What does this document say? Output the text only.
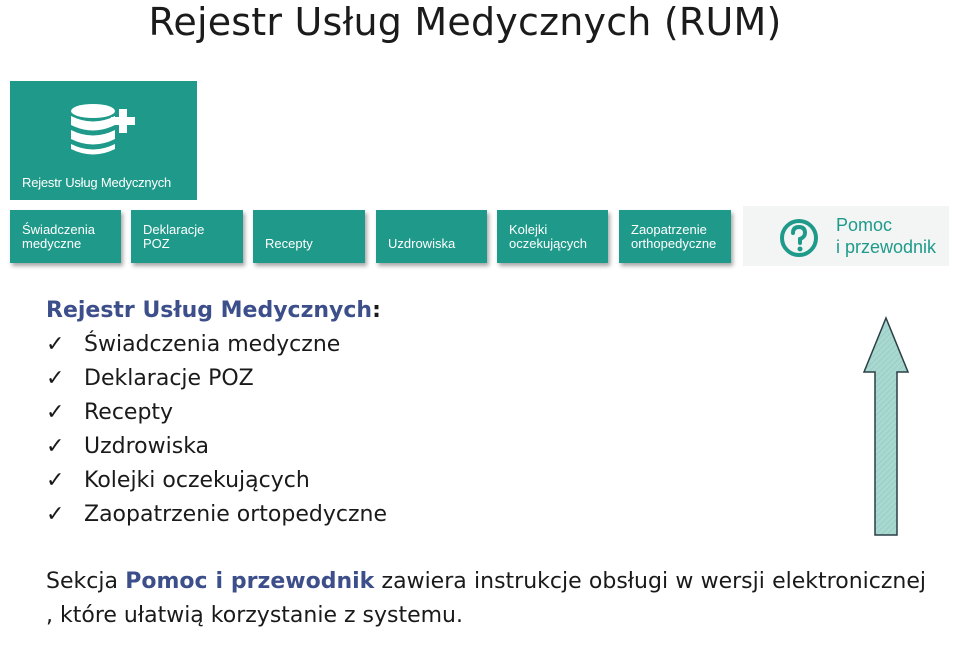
Rejestr Usług Medycznych (RUM)
Rejestr Usług Medycznych
Świadczenia
medyczne
Deklaracje
POZ	Recepty	Uzdrowiska
Kolejki
oczekujących
Zaopatrzenie
orthopedyczne
Pomoc
i przewodnik
Rejestr Usług Medycznych:
✓ Świadczenia medyczne
✓ Deklaracje POZ
✓ Recepty
✓ Uzdrowiska
✓ Kolejki oczekujących
✓ Zaopatrzenie ortopedyczne
Sekcja Pomoc i przewodnik zawiera instrukcje obsługi w wersji elektronicznej , które ułatwią korzystanie z systemu.
